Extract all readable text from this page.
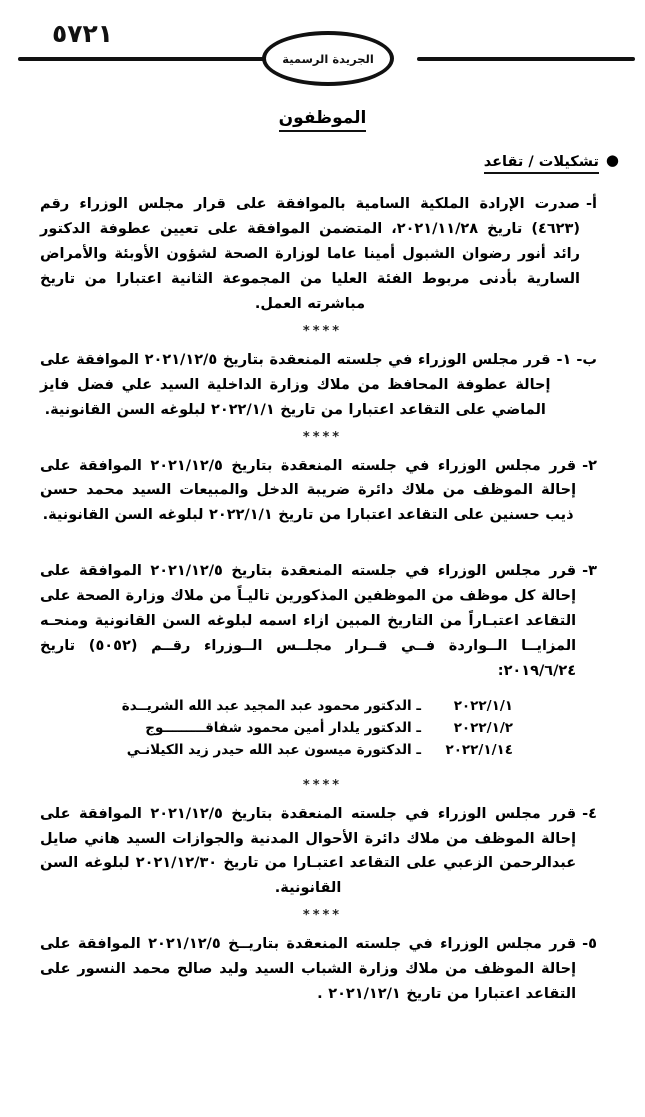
٥٧٢١
الجريدة الرسمية
الموظفون
●تشكيلات / تقاعد
أ-
صدرت الإرادة الملكية السامية بالموافقة على قرار مجلس الوزراء رقم (٤٦٢٣) تاريخ ٢٠٢١/١١/٢٨، المتضمن الموافقة على تعيين عطوفة الدكتور رائد أنور رضوان الشبول أمينا عاما لوزارة الصحة لشؤون الأوبئة والأمراض السارية بأدنى مربوط الفئة العليا من المجموعة الثانية اعتبارا من تاريخ مباشرته العمل.
****
ب- ١-
قرر مجلس الوزراء في جلسته المنعقدة بتاريخ ٢٠٢١/١٢/٥ الموافقة على إحالة عطوفة المحافظ من ملاك وزارة الداخلية السيد علي فضل فايز الماضي على التقاعد اعتبارا من تاريخ ٢٠٢٢/١/١ لبلوغه السن القانونية.
****
٢-
قرر مجلس الوزراء في جلسته المنعقدة بتاريخ ٢٠٢١/١٢/٥ الموافقة على إحالة الموظف من ملاك دائرة ضريبة الدخل والمبيعات السيد محمد حسن ذيب حسنين على التقاعد اعتبارا من تاريخ ٢٠٢٢/١/١ لبلوغه السن القانونية.
٣-
قرر مجلس الوزراء في جلسته المنعقدة بتاريخ ٢٠٢١/١٢/٥ الموافقة على إحالة كل موظف من الموظفين المذكورين تاليـاً من ملاك وزارة الصحة على التقاعد اعتبـاراً من التاريخ المبين ازاء اسمه لبلوغه السن القانونية ومنحـه المزايــا الــواردة فــي قــرار مجلــس الــوزراء رقــم (٥٠٥٢) تاريخ ٢٠١٩/٦/٢٤:
٢٠٢٢/١/١
ـ الدكتور محمود عبد المجيد عبد الله الشريــدة
٢٠٢٢/١/٢
ـ الدكتور يلدار أمين محمود شفاقـــــــــوج
٢٠٢٢/١/١٤
ـ الدكتورة ميسون عبد الله حيدر زيد الكيلانـي
****
٤-
قرر مجلس الوزراء في جلسته المنعقدة بتاريخ ٢٠٢١/١٢/٥ الموافقة على إحالة الموظف من ملاك دائرة الأحوال المدنية والجوازات السيد هاني صايل عبدالرحمن الزعبي على التقاعد اعتبـارا من تاريخ ٢٠٢١/١٢/٣٠ لبلوغه السن القانونية.
****
٥-
قرر مجلس الوزراء في جلسته المنعقدة بتاريــخ ٢٠٢١/١٢/٥ الموافقة على إحالة الموظف من ملاك وزارة الشباب السيد وليد صالح محمد النسور على التقاعد اعتبارا من تاريخ ٢٠٢١/١٢/١ .
